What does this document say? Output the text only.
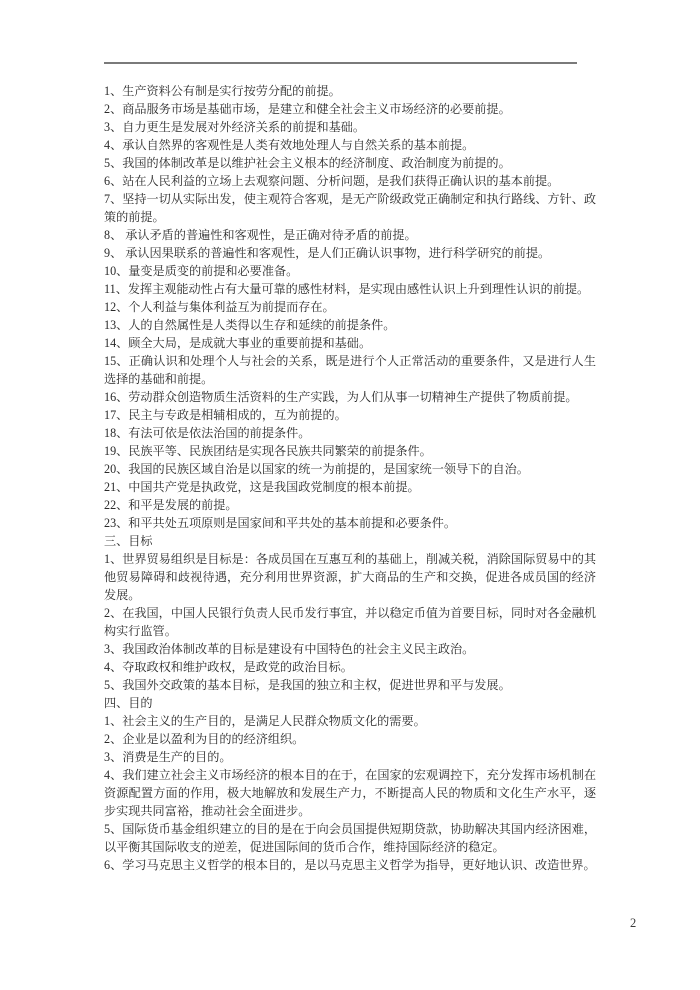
1、生产资料公有制是实行按劳分配的前提。

2、商品服务市场是基础市场，是建立和健全社会主义市场经济的必要前提。

3、自力更生是发展对外经济关系的前提和基础。

4、承认自然界的客观性是人类有效地处理人与自然关系的基本前提。

5、我国的体制改革是以维护社会主义根本的经济制度、政治制度为前提的。

6、站在人民利益的立场上去观察问题、分析问题，是我们获得正确认识的基本前提。

7、坚持一切从实际出发，使主观符合客观，是无产阶级政党正确制定和执行路线、方针、政策的前提。

8、 承认矛盾的普遍性和客观性，是正确对待矛盾的前提。

9、 承认因果联系的普遍性和客观性，是人们正确认识事物，进行科学研究的前提。

10、量变是质变的前提和必要准备。

11、发挥主观能动性占有大量可靠的感性材料，是实现由感性认识上升到理性认识的前提。

12、个人利益与集体利益互为前提而存在。

13、人的自然属性是人类得以生存和延续的前提条件。

14、顾全大局，是成就大事业的重要前提和基础。

15、正确认识和处理个人与社会的关系，既是进行个人正常活动的重要条件，又是进行人生选择的基础和前提。

16、劳动群众创造物质生活资料的生产实践，为人们从事一切精神生产提供了物质前提。

17、民主与专政是相辅相成的，互为前提的。

18、有法可依是依法治国的前提条件。

19、民族平等、民族团结是实现各民族共同繁荣的前提条件。

20、我国的民族区域自治是以国家的统一为前提的，是国家统一领导下的自治。

21、中国共产党是执政党，这是我国政党制度的根本前提。

22、和平是发展的前提。

23、和平共处五项原则是国家间和平共处的基本前提和必要条件。

三、目标

1、世界贸易组织是目标是：各成员国在互惠互利的基础上，削减关税，消除国际贸易中的其他贸易障碍和歧视待遇，充分利用世界资源，扩大商品的生产和交换，促进各成员国的经济发展。

2、在我国，中国人民银行负责人民币发行事宜，并以稳定币值为首要目标，同时对各金融机构实行监管。

3、我国政治体制改革的目标是建设有中国特色的社会主义民主政治。

4、夺取政权和维护政权，是政党的政治目标。

5、我国外交政策的基本目标，是我国的独立和主权，促进世界和平与发展。

四、目的

1、社会主义的生产目的，是满足人民群众物质文化的需要。

2、企业是以盈利为目的的经济组织。

3、消费是生产的目的。

4、我们建立社会主义市场经济的根本目的在于，在国家的宏观调控下，充分发挥市场机制在资源配置方面的作用，极大地解放和发展生产力，不断提高人民的物质和文化生产水平，逐步实现共同富裕，推动社会全面进步。

5、国际货币基金组织建立的目的是在于向会员国提供短期贷款，协助解决其国内经济困难，以平衡其国际收支的逆差，促进国际间的货币合作，维持国际经济的稳定。

6、学习马克思主义哲学的根本目的，是以马克思主义哲学为指导，更好地认识、改造世界。

2
